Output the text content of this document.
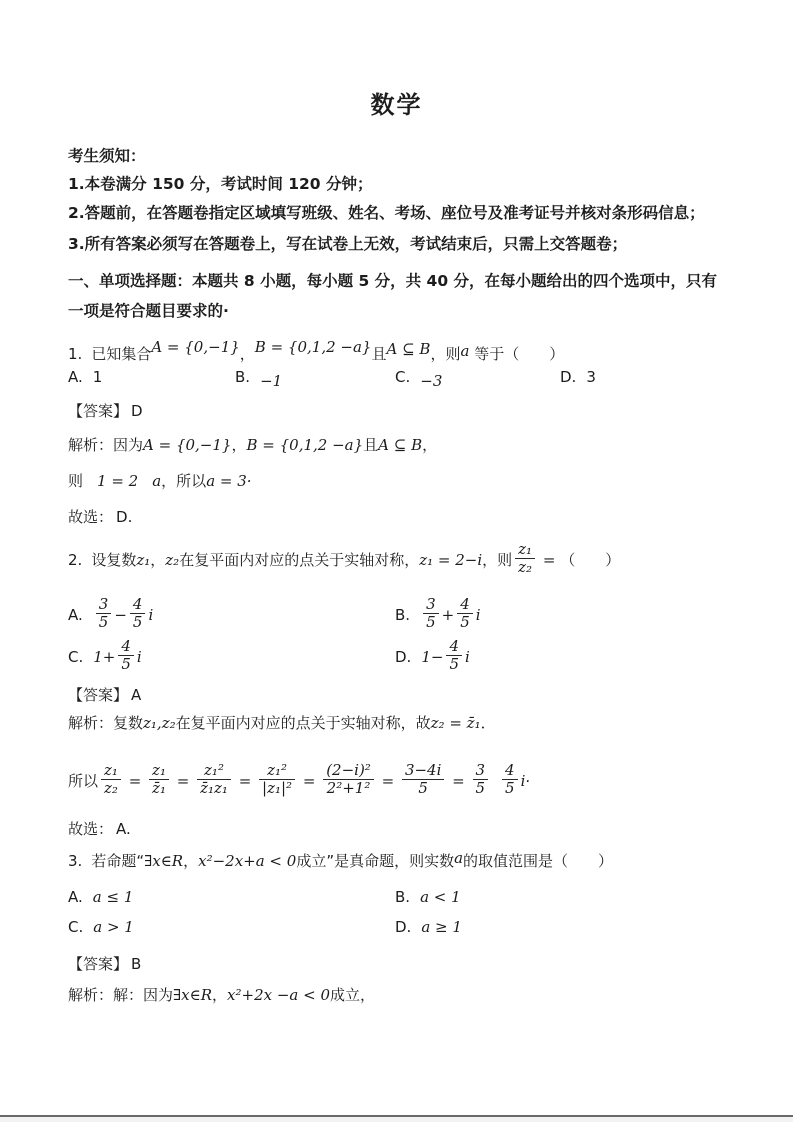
数学
考生须知：
1.本卷满分 150 分，考试时间 120 分钟；
2.答题前，在答题卷指定区域填写班级、姓名、考场、座位号及准考证号并核对条形码信息；
3.所有答案必须写在答题卷上，写在试卷上无效，考试结束后，只需上交答题卷；
一、单项选择题：本题共 8 小题，每小题 5 分，共 40 分，在每小题给出的四个选项中，只有
一项是符合题目要求的·
1. 已知集合A = {0,−1}，B = {0,1,2 −a}且A ⊆ B，则a 等于（　　）
A. 1	B. −1	C. −3	D. 3
【答案】 D
解析：因为A = {0,−1}，B = {0,1,2 −a}且A ⊆ B，
则 1 = 2 a，所以a = 3·
故选： D.
2. 设复数z₁，z₂在复平面内对应的点关于实轴对称，z₁ = 2−i，则 $\frac{\text{z₁}}{\text{z₂}}$ = （　　）
A. $\frac{3}{5} - \frac{4}{5}$ i	B. $\frac{3}{5} + \frac{4}{5}$ i
C. $1+ \frac{4}{5}$ i	D. $1- \frac{4}{5}$ i
【答案】 A
解析：复数z₁,z₂在复平面内对应的点关于实轴对称，故z₂ = z̄₁．
所以 $\frac{\text{z₁}}{\text{z₂}} = \frac{\text{z₁}}{\text{z̄₁}} = \frac{\text{z₁²}}{\text{z̄₁z₁}} = \frac{\text{z₁²}}{\text{|z₁|²}} = \frac{\text{(2−i)²}}{\text{2²+1²}} = \frac{3-4i}{5} = \frac{3}{5} \frac{4}{5} i\cdot$
故选： A.
3. 若命题“∃x∈R，x²−2x+a < 0成立”是真命题，则实数a的取值范围是（　　）
A. a ≤ 1	B. a < 1
C. a > 1	D. a ≥ 1
【答案】 B
解析：解：因为∃x∈R，x²+2x −a < 0成立，
